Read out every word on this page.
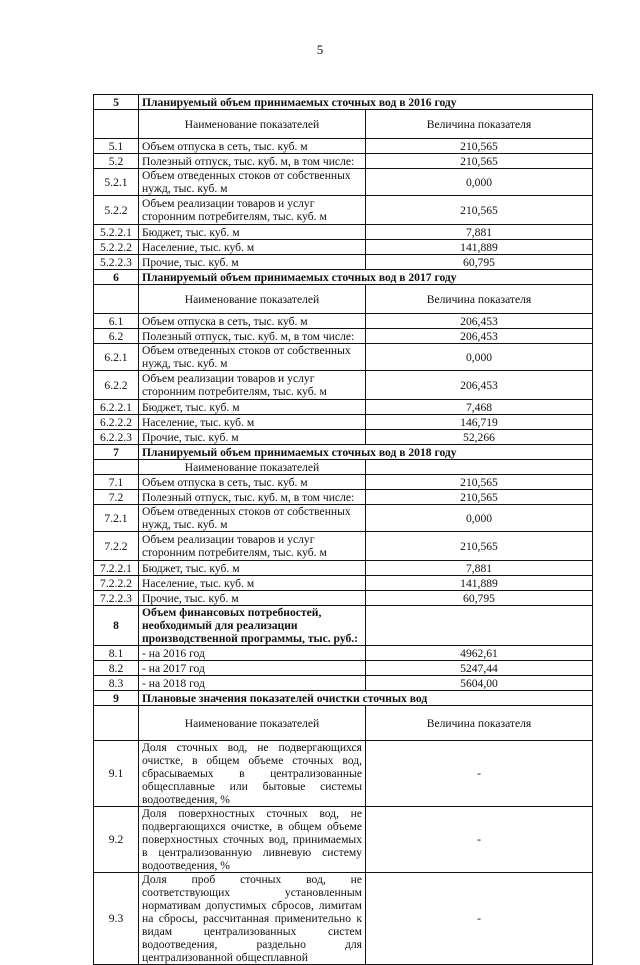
5
5	Планируемый объем принимаемых сточных вод в 2016 году	
	Наименование показателей	Величина показателя
5.1	Объем отпуска в сеть, тыс. куб. м	210,565
5.2	Полезный отпуск, тыс. куб. м, в том числе:	210,565
5.2.1	Объем отведенных стоков от собственных нужд, тыс. куб. м	0,000
5.2.2	Объем реализации товаров и услуг сторонним потребителям, тыс. куб. м	210,565
5.2.2.1	Бюджет, тыс. куб. м	7,881
5.2.2.2	Население, тыс. куб. м	141,889
5.2.2.3	Прочие, тыс. куб. м	60,795
6	Планируемый объем принимаемых сточных вод в 2017 году	
	Наименование показателей	Величина показателя
6.1	Объем отпуска в сеть, тыс. куб. м	206,453
6.2	Полезный отпуск, тыс. куб. м, в том числе:	206,453
6.2.1	Объем отведенных стоков от собственных нужд, тыс. куб. м	0,000
6.2.2	Объем реализации товаров и услуг сторонним потребителям, тыс. куб. м	206,453
6.2.2.1	Бюджет, тыс. куб. м	7,468
6.2.2.2	Население, тыс. куб. м	146,719
6.2.2.3	Прочие, тыс. куб. м	52,266
7	Планируемый объем принимаемых сточных вод в 2018 году	
	Наименование показателей	
7.1	Объем отпуска в сеть, тыс. куб. м	210,565
7.2	Полезный отпуск, тыс. куб. м, в том числе:	210,565
7.2.1	Объем отведенных стоков от собственных нужд, тыс. куб. м	0,000
7.2.2	Объем реализации товаров и услуг сторонним потребителям, тыс. куб. м	210,565
7.2.2.1	Бюджет, тыс. куб. м	7,881
7.2.2.2	Население, тыс. куб. м	141,889
7.2.2.3	Прочие, тыс. куб. м	60,795
8	Объем финансовых потребностей, необходимый для реализации производственной программы, тыс. руб.:	
8.1	- на 2016 год	4962,61
8.2	- на 2017 год	5247,44
8.3	- на 2018 год	5604,00
9	Плановые значения показателей очистки сточных вод	
	Наименование показателей	Величина показателя
9.1	Доля сточных вод, не подвергающихся очистке, в общем объеме сточных вод, сбрасываемых в централизованные общесплавные или бытовые системы водоотведения, %	-
9.2	Доля поверхностных сточных вод, не подвергающихся очистке, в общем объеме поверхностных сточных вод, принимаемых в централизованную ливневую систему водоотведения, %	-
9.3	Доля проб сточных вод, не соответствующих установленным нормативам допустимых сбросов, лимитам на сбросы, рассчитанная применительно к видам централизованных систем водоотведения, раздельно для централизованной общесплавной	-
